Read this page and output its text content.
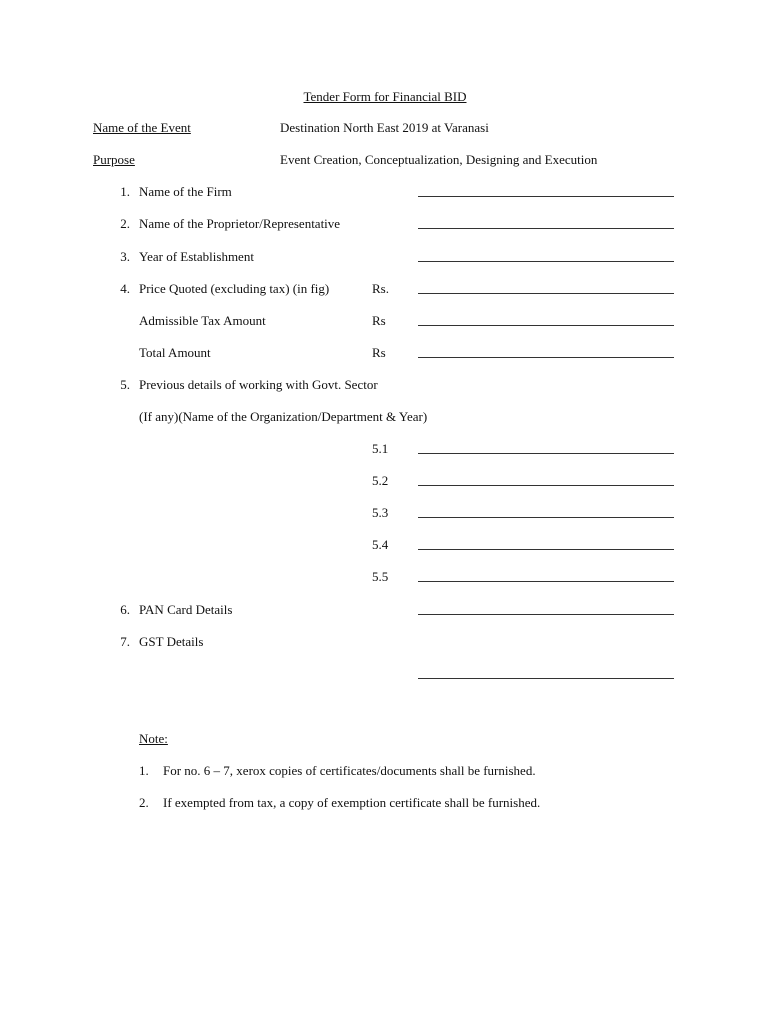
Tender Form for Financial BID
Name of the Event	Destination North East 2019 at Varanasi
Purpose	Event Creation, Conceptualization, Designing and Execution
1 . Name of the Firm
2 . Name of the Proprietor/Representative
3 . Year of Establishment
4 . Price Quoted (excluding tax) (in fig)	Rs.
Admissible Tax Amount	Rs
Total Amount	Rs
5 . Previous details of working with Govt. Sector
(If any)(Name of the Organization/Department & Year)
5.1
5.2
5.3
5.4
5.5
6 . PAN Card Details
7 . GST Details
Note:
1. For no. 6 – 7, xerox copies of certificates/documents shall be furnished.
2. If exempted from tax, a copy of exemption certificate shall be furnished.
